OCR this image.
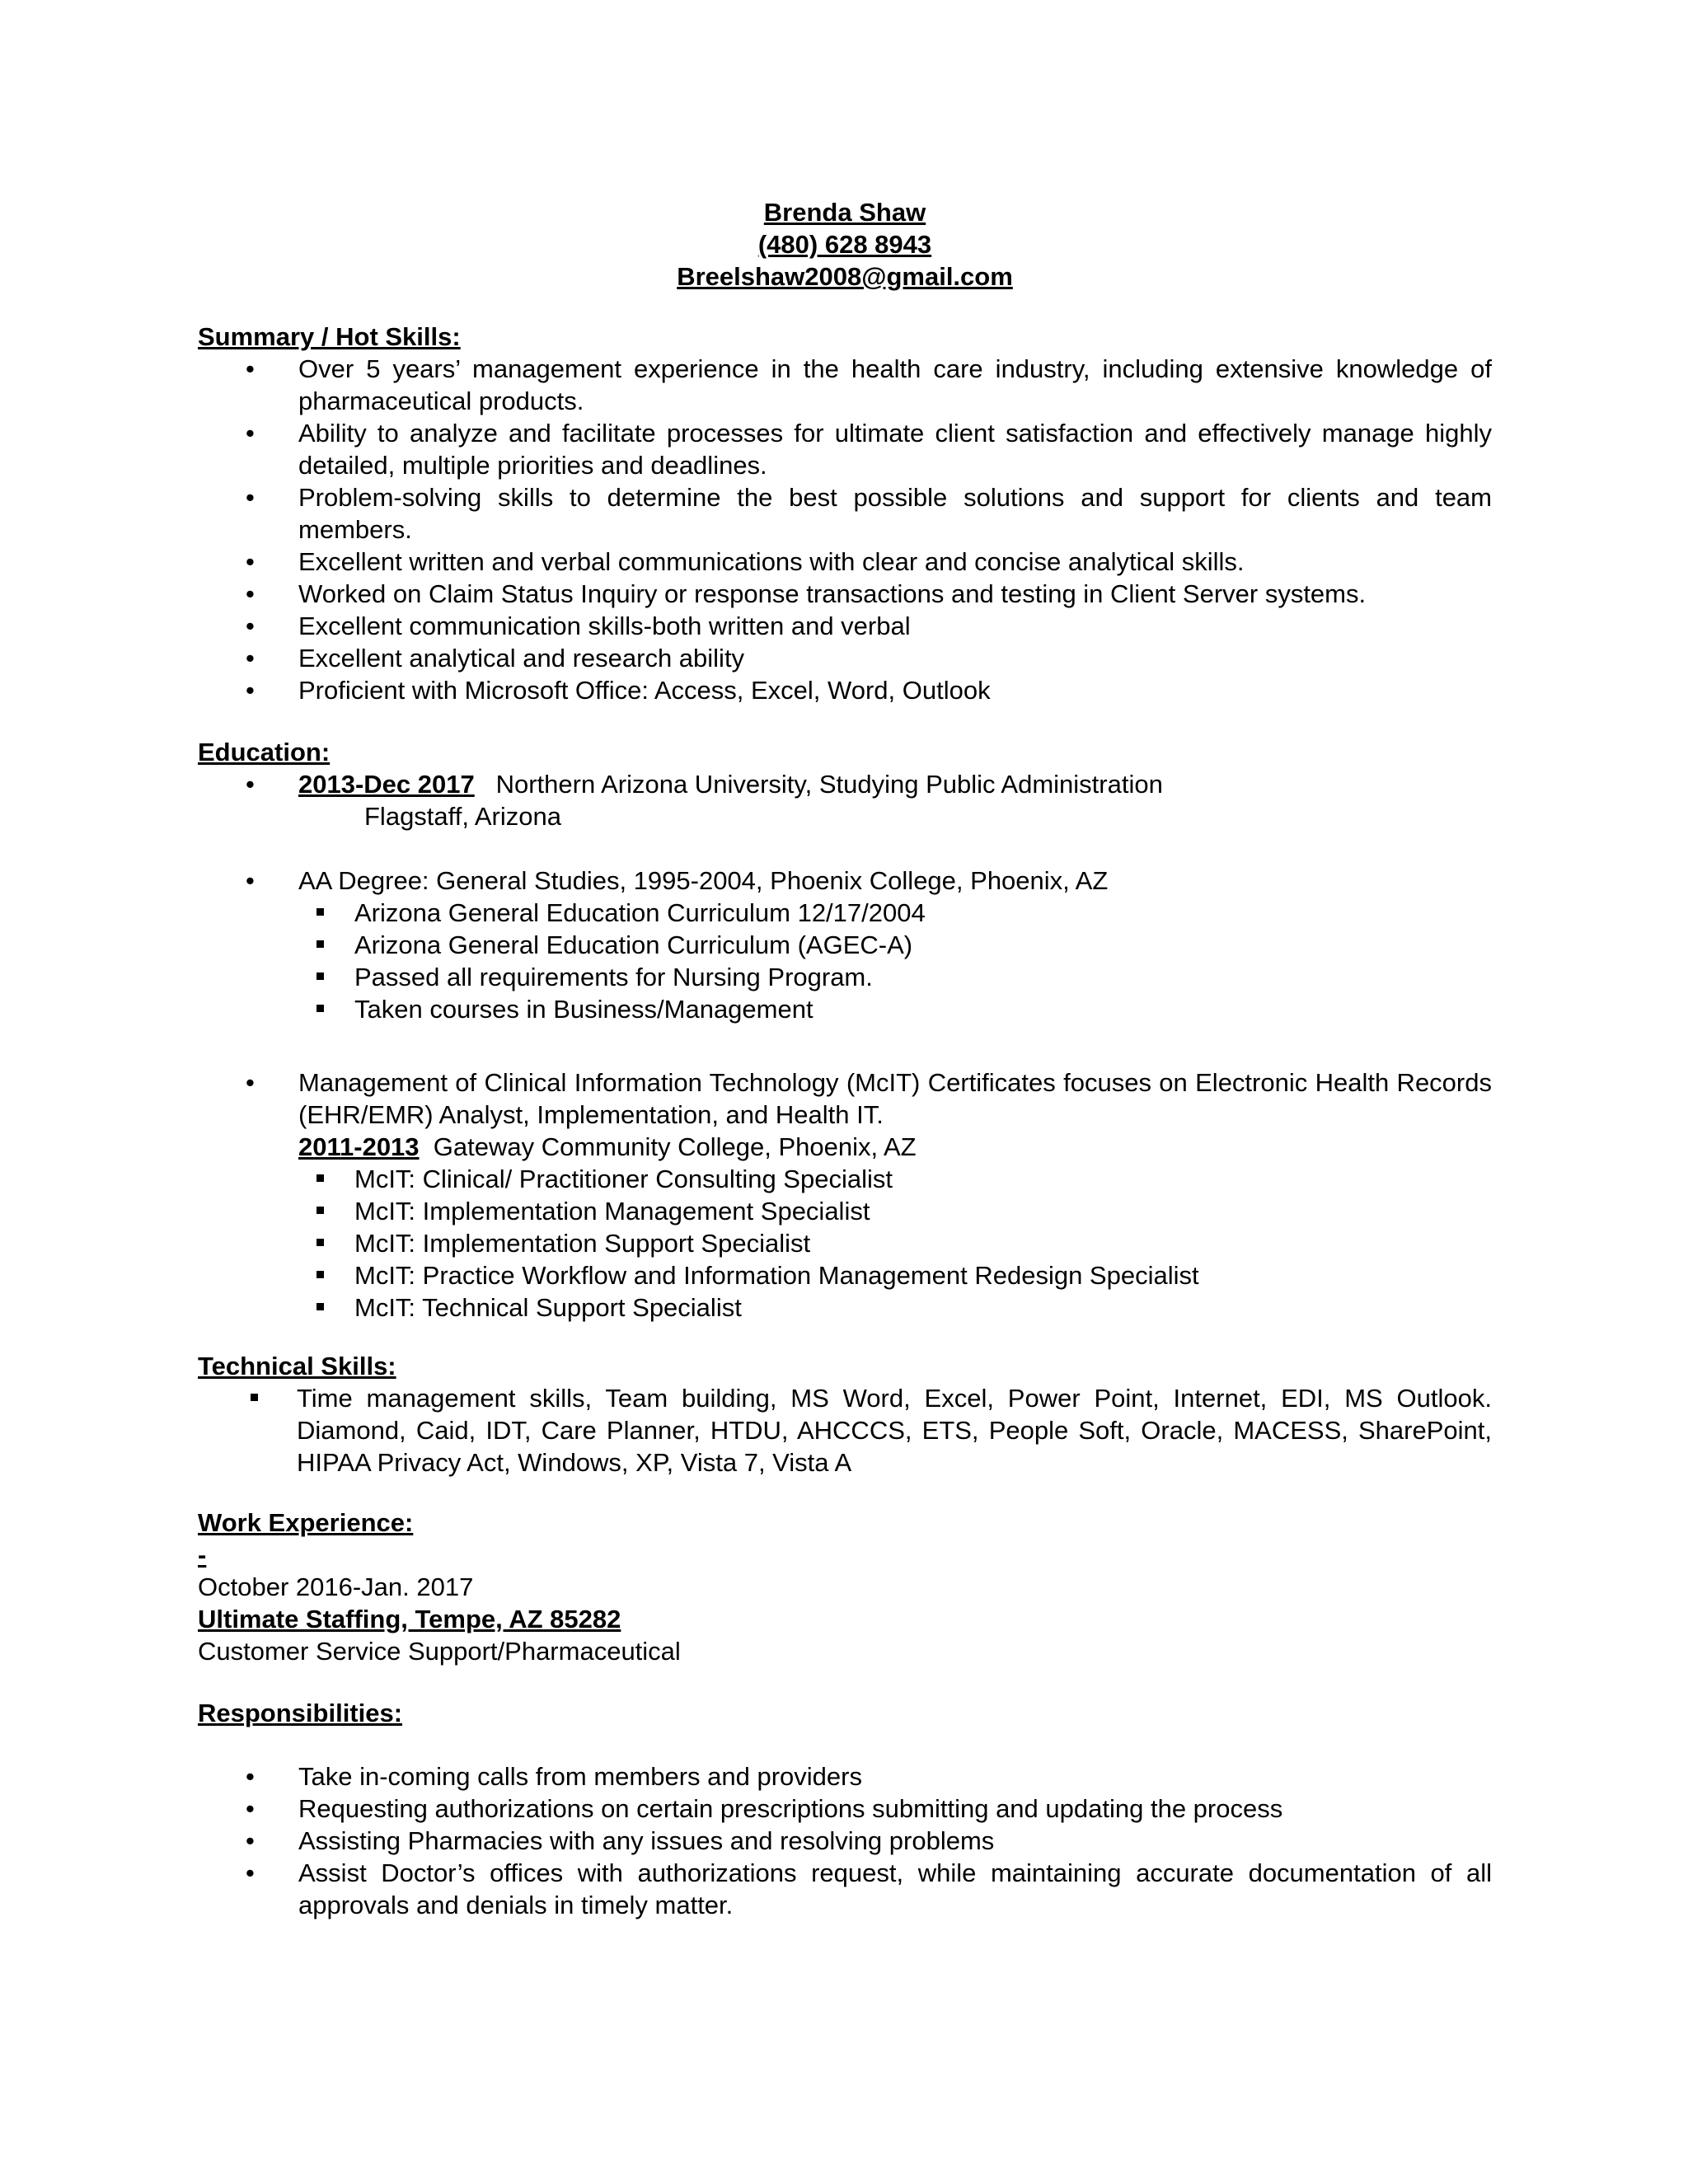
Brenda Shaw
(480) 628 8943
Breelshaw2008@gmail.com
Summary / Hot Skills:
• Over 5 years’ management experience in the health care industry, including extensive knowledge of pharmaceutical products.
• Ability to analyze and facilitate processes for ultimate client satisfaction and effectively manage highly detailed, multiple priorities and deadlines.
• Problem-solving skills to determine the best possible solutions and support for clients and team members.
• Excellent written and verbal communications with clear and concise analytical skills.
• Worked on Claim Status Inquiry or response transactions and testing in Client Server systems.
• Excellent communication skills-both written and verbal
• Excellent analytical and research ability
• Proficient with Microsoft Office: Access, Excel, Word, Outlook
Education:
• 2013-Dec 2017 Northern Arizona University, Studying Public Administration
Flagstaff, Arizona
• AA Degree: General Studies, 1995-2004, Phoenix College, Phoenix, AZ
Arizona General Education Curriculum 12/17/2004
Arizona General Education Curriculum (AGEC-A)
Passed all requirements for Nursing Program.
Taken courses in Business/Management
• Management of Clinical Information Technology (McIT) Certificates focuses on Electronic Health Records (EHR/EMR) Analyst, Implementation, and Health IT.
2011-2013 Gateway Community College, Phoenix, AZ
McIT: Clinical/ Practitioner Consulting Specialist
McIT: Implementation Management Specialist
McIT: Implementation Support Specialist
McIT: Practice Workflow and Information Management Redesign Specialist
McIT: Technical Support Specialist
Technical Skills:
Time management skills, Team building, MS Word, Excel, Power Point, Internet, EDI, MS Outlook. Diamond, Caid, IDT, Care Planner, HTDU, AHCCCS, ETS, People Soft, Oracle, MACESS, SharePoint, HIPAA Privacy Act, Windows, XP, Vista 7, Vista A
Work Experience:
-
October 2016-Jan. 2017
Ultimate Staffing, Tempe, AZ 85282
Customer Service Support/Pharmaceutical
Responsibilities:
• Take in-coming calls from members and providers
• Requesting authorizations on certain prescriptions submitting and updating the process
• Assisting Pharmacies with any issues and resolving problems
• Assist Doctor’s offices with authorizations request, while maintaining accurate documentation of all approvals and denials in timely matter.
